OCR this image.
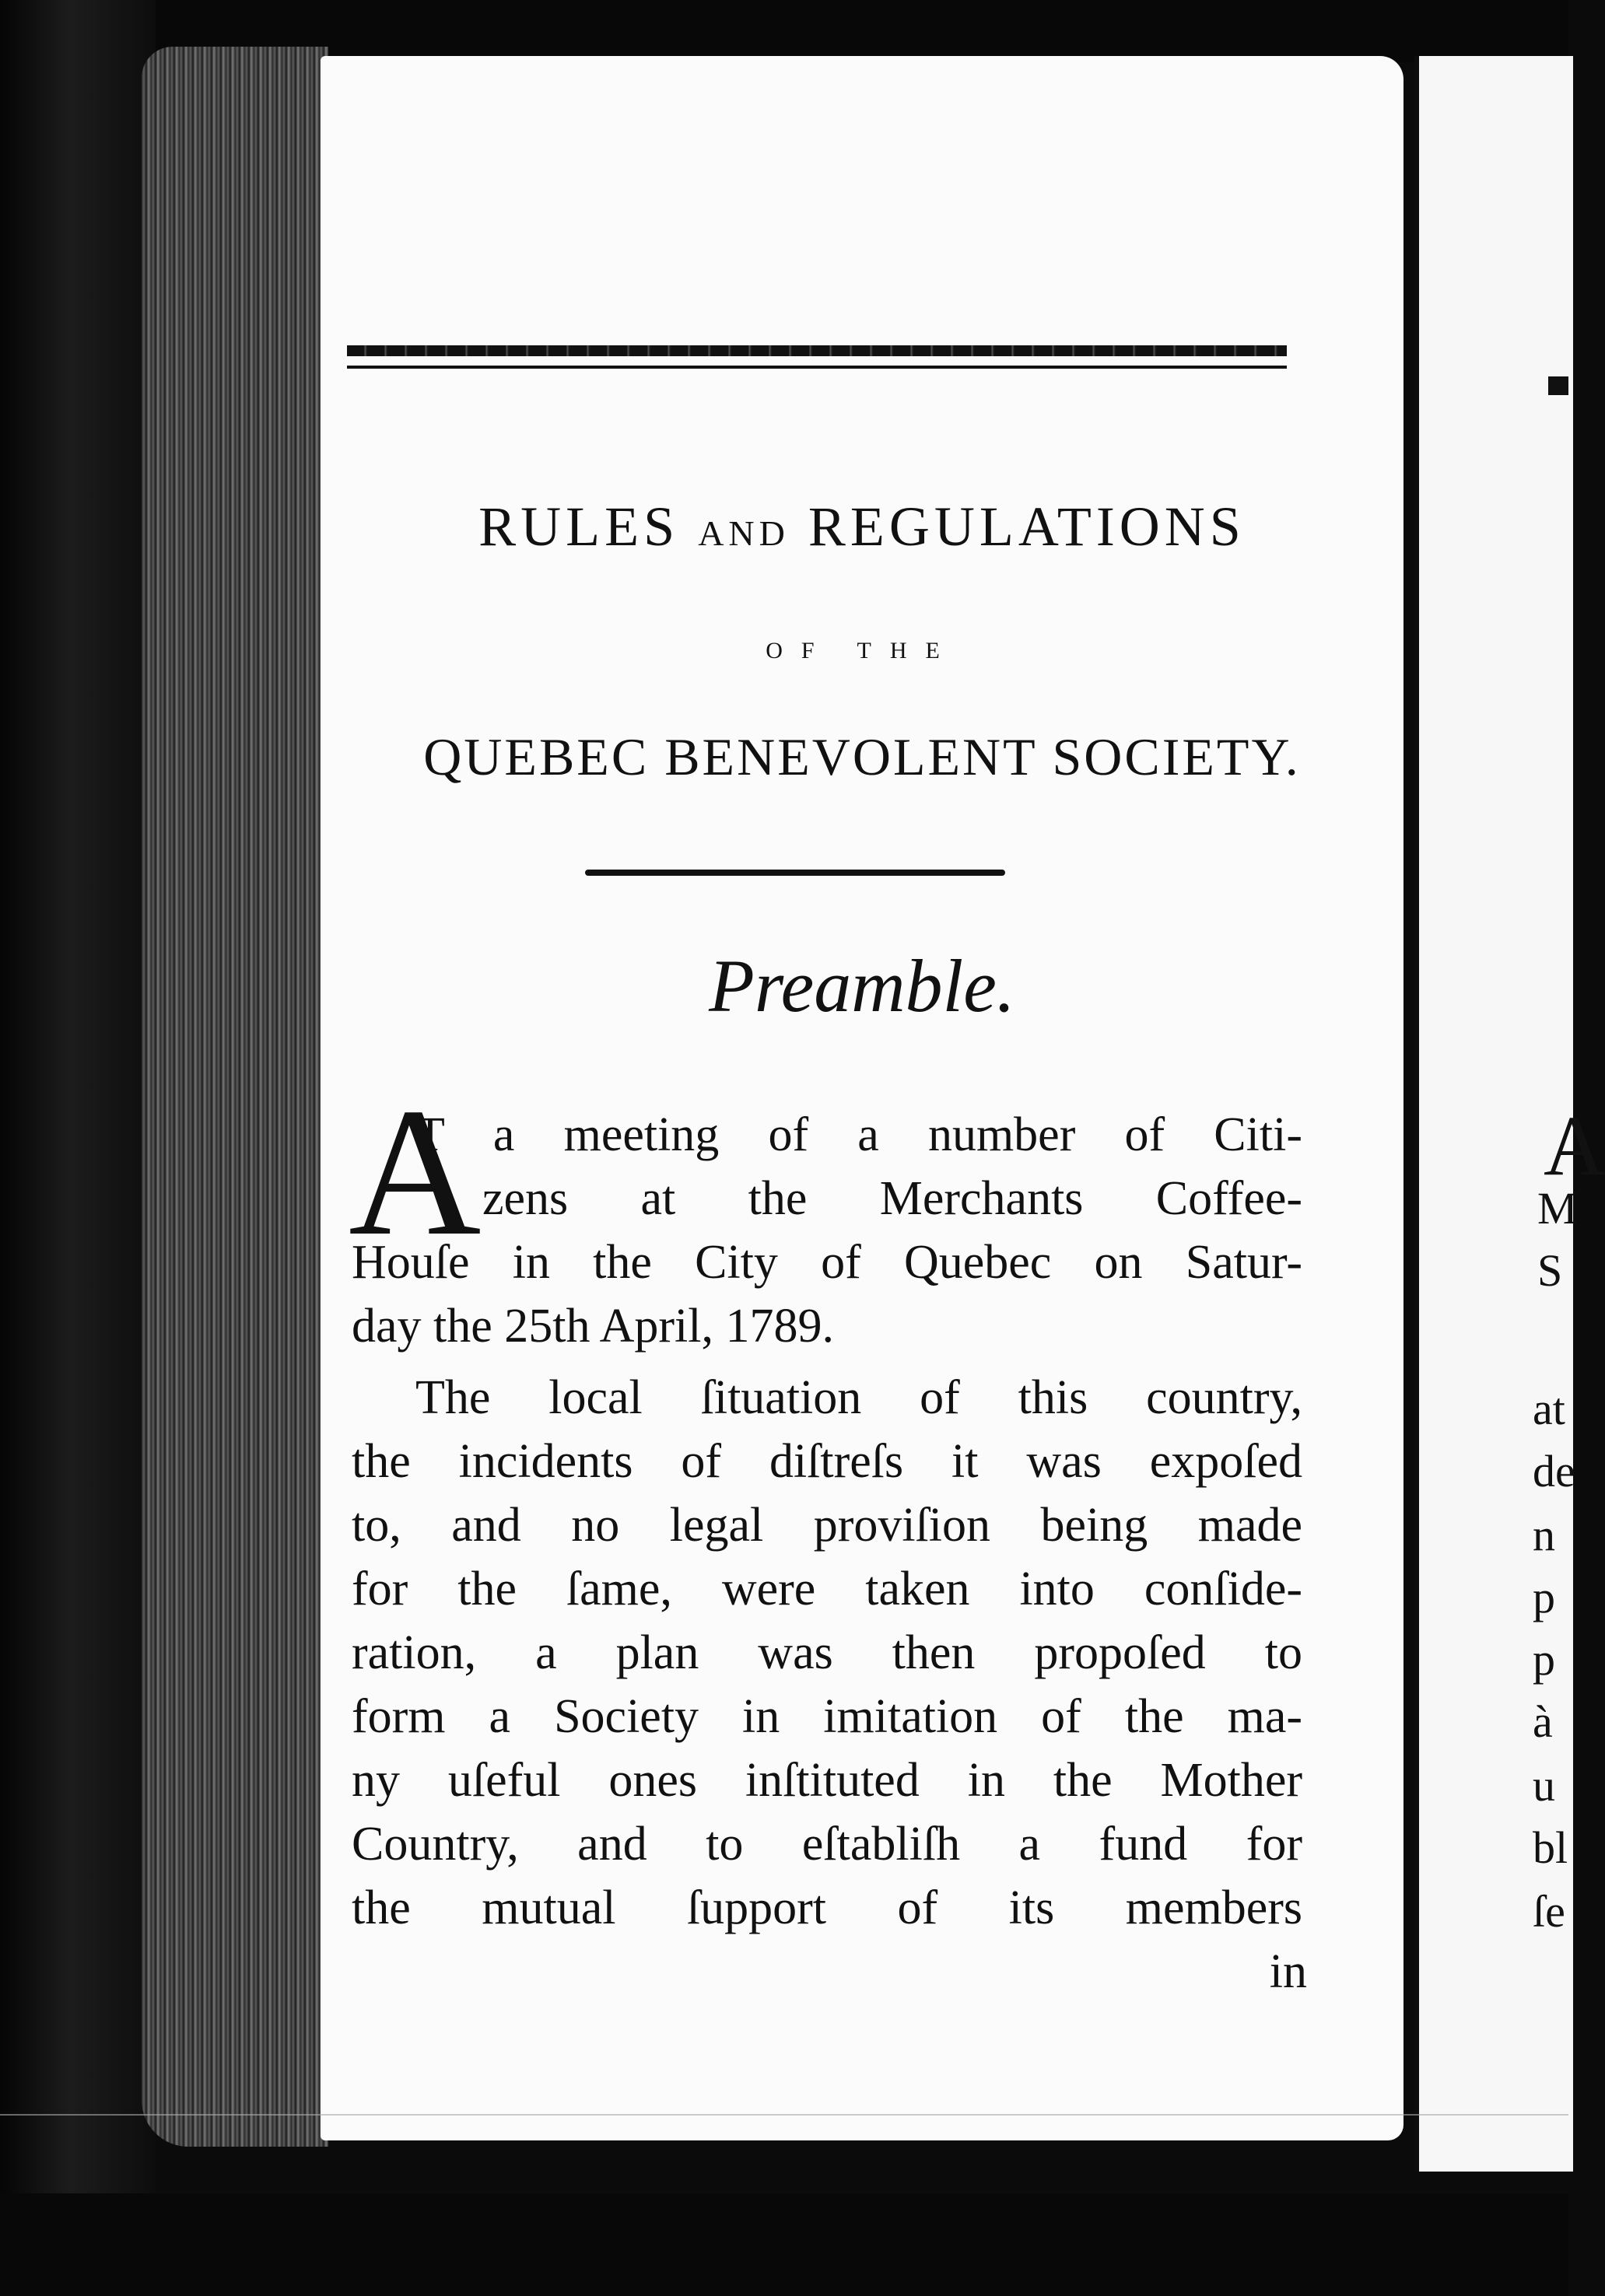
RULES AND REGULATIONS
OF THE
QUEBEC BENEVOLENT SOCIETY.
Preamble.
A
T a meeting of a number of Citi-
zens at the Merchants Coffee-
Houſe in the City of Quebec on Satur-
day the 25th April, 1789.
The local ſituation of this country,
the incidents of diſtreſs it was expoſed
to, and no legal proviſion being made
for the ſame, were taken into conſide-
ration, a plan was then propoſed to
form a Society in imitation of the ma-
ny uſeful ones inſtituted in the Mother
Country, and to eſtabliſh a fund for
the mutual ſupport of its members
in
A
M
S
at
de
n
p
p
à
u
bl
ſe
